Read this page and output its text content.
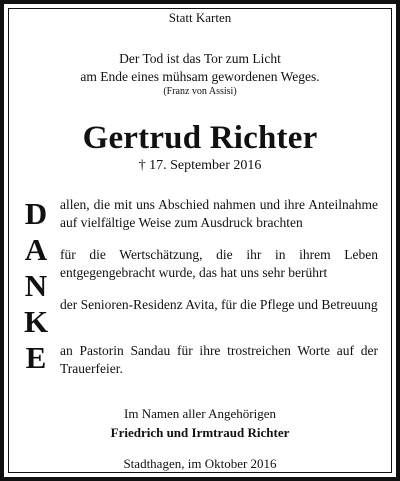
Statt Karten
Der Tod ist das Tor zum Licht
am Ende eines mühsam gewordenen Weges.
(Franz von Assisi)
Gertrud Richter
† 17. September 2016
D
A
N
K
E
allen, die mit uns Abschied nahmen und ihre Anteilnahme auf vielfältige Weise zum Ausdruck brachten
für die Wertschätzung, die ihr in ihrem Leben entgegengebracht wurde, das hat uns sehr berührt
der Senioren-Residenz Avita, für die Pflege und Betreuung
an Pastorin Sandau für ihre trostreichen Worte auf der Trauerfeier.
Im Namen aller Angehörigen
Friedrich und Irmtraud Richter
Stadthagen, im Oktober 2016
